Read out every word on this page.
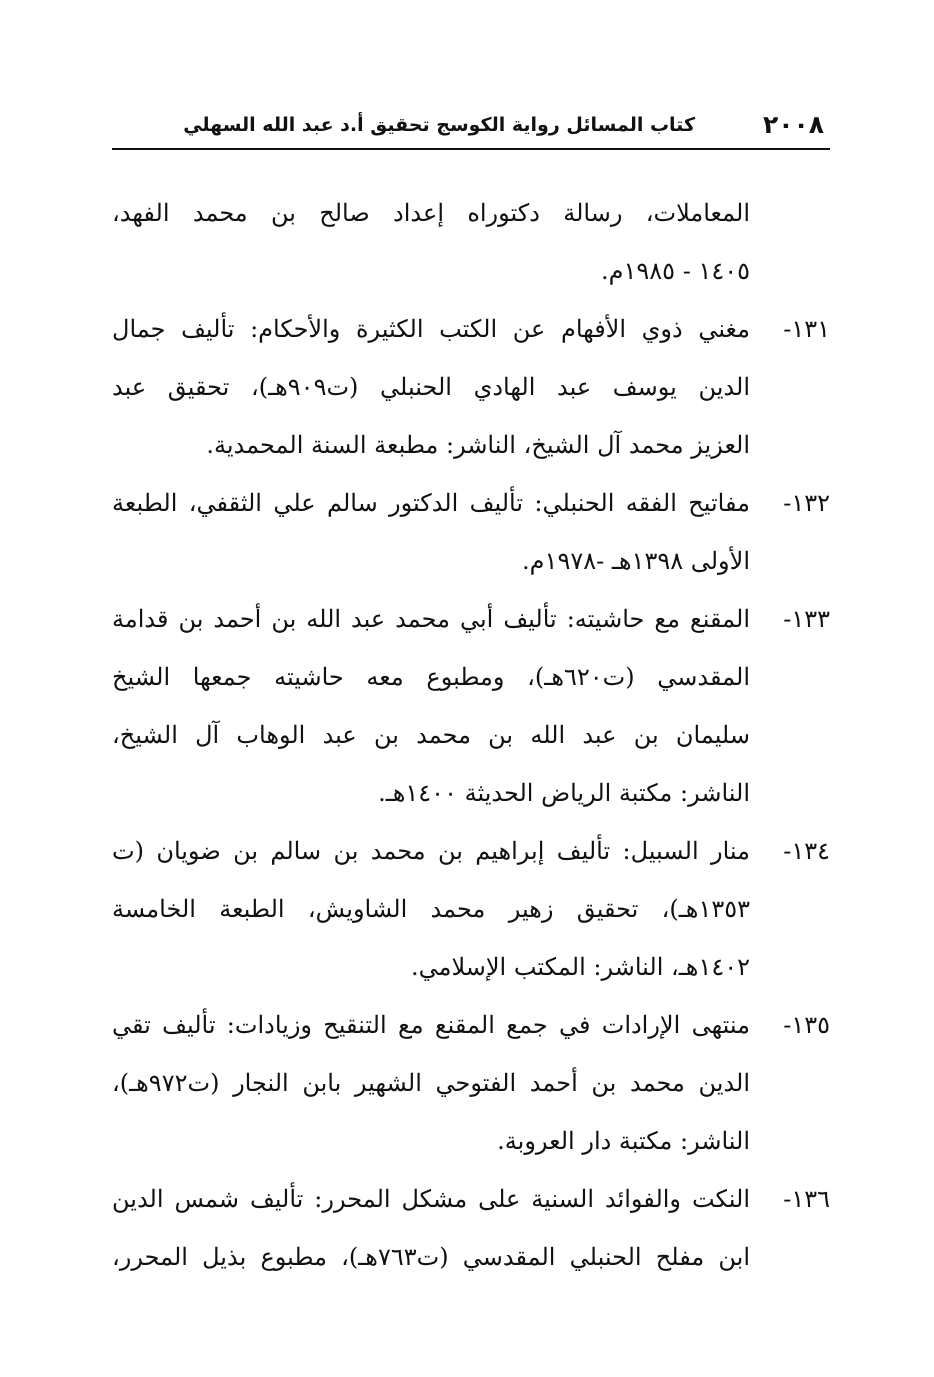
٢٠٠٨
كتاب المسائل رواية الكوسج تحقيق أ.د عبد الله السهلي
المعاملات، رسالة دكتوراه إعداد صالح بن محمد الفهد،
١٤٠٥ - ١٩٨٥م.
١٣١-
مغني ذوي الأفهام عن الكتب الكثيرة والأحكام: تأليف جمال
الدين يوسف عبد الهادي الحنبلي (ت٩٠٩هـ)، تحقيق عبد
العزيز محمد آل الشيخ، الناشر: مطبعة السنة المحمدية.
١٣٢-
مفاتيح الفقه الحنبلي: تأليف الدكتور سالم علي الثقفي، الطبعة
الأولى ١٣٩٨هـ -١٩٧٨م.
١٣٣-
المقنع مع حاشيته: تأليف أبي محمد عبد الله بن أحمد بن قدامة
المقدسي (ت٦٢٠هـ)، ومطبوع معه حاشيته جمعها الشيخ
سليمان بن عبد الله بن محمد بن عبد الوهاب آل الشيخ،
الناشر: مكتبة الرياض الحديثة ١٤٠٠هـ.
١٣٤-
منار السبيل: تأليف إبراهيم بن محمد بن سالم بن ضويان (ت
١٣٥٣هـ)، تحقيق زهير محمد الشاويش، الطبعة الخامسة
١٤٠٢هـ، الناشر: المكتب الإسلامي.
١٣٥-
منتهى الإرادات في جمع المقنع مع التنقيح وزيادات: تأليف تقي
الدين محمد بن أحمد الفتوحي الشهير بابن النجار (ت٩٧٢هـ)،
الناشر: مكتبة دار العروبة.
١٣٦-
النكت والفوائد السنية على مشكل المحرر: تأليف شمس الدين
ابن مفلح الحنبلي المقدسي (ت٧٦٣هـ)، مطبوع بذيل المحرر،
